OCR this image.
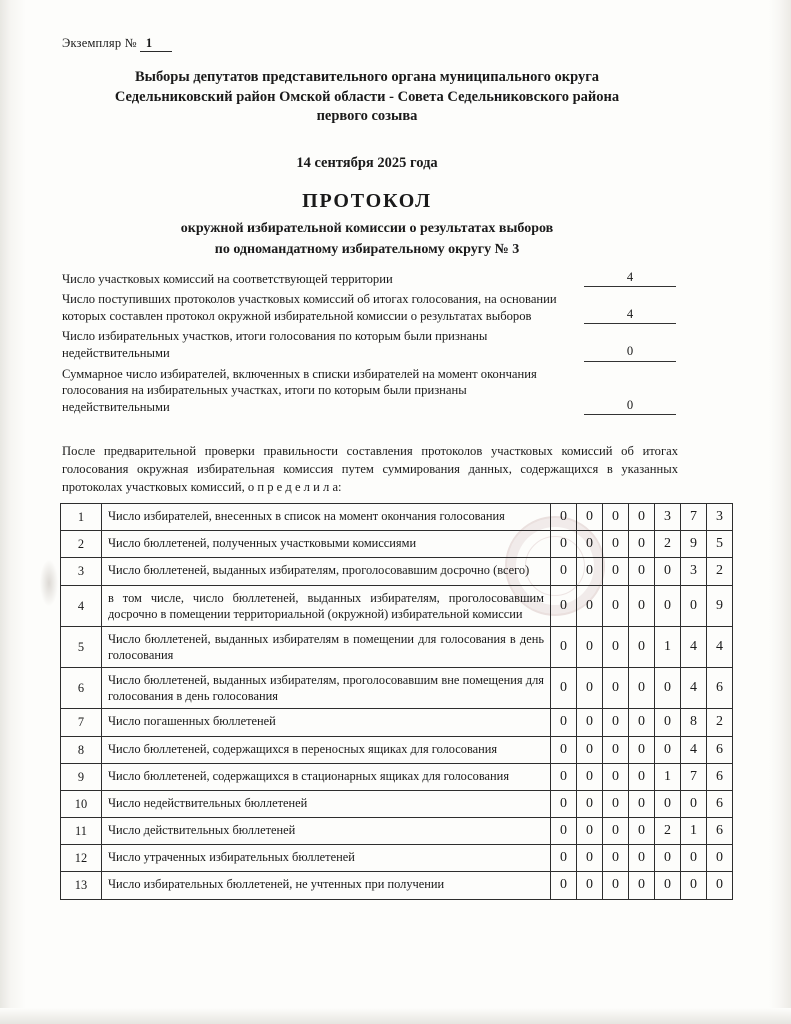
Экземпляр № 1
Выборы депутатов представительного органа муниципального округа
Седельниковский район Омской области - Совета Седельниковского района
первого созыва
14 сентября 2025 года
ПРОТОКОЛ
окружной избирательной комиссии о результатах выборов
по одномандатному избирательному округу № 3
Число участковых комиссий на соответствующей территории	4
Число поступивших протоколов участковых комиссий об итогах голосования, на основании которых составлен протокол окружной избирательной комиссии о результатах выборов	4
Число избирательных участков, итоги голосования по которым были признаны недействительными	0
Суммарное число избирателей, включенных в списки избирателей на момент окончания голосования на избирательных участках, итоги по которым были признаны недействительными	0
После предварительной проверки правильности составления протоколов участковых комиссий об итогах голосования окружная избирательная комиссия путем суммирования данных, содержащихся в указанных протоколах участковых комиссий, о п р е д е л и л а:
1	Число избирателей, внесенных в список на момент окончания голосования	0	0	0	0	3	7	3
2	Число бюллетеней, полученных участковыми комиссиями	0	0	0	0	2	9	5
3	Число бюллетеней, выданных избирателям, проголосовавшим досрочно (всего)	0	0	0	0	0	3	2
4	в том числе, число бюллетеней, выданных избирателям, проголосовавшим досрочно в помещении территориальной (окружной) избирательной комиссии	0	0	0	0	0	0	9
5	Число бюллетеней, выданных избирателям в помещении для голосования в день голосования	0	0	0	0	1	4	4
6	Число бюллетеней, выданных избирателям, проголосовавшим вне помещения для голосования в день голосования	0	0	0	0	0	4	6
7	Число погашенных бюллетеней	0	0	0	0	0	8	2
8	Число бюллетеней, содержащихся в переносных ящиках для голосования	0	0	0	0	0	4	6
9	Число бюллетеней, содержащихся в стационарных ящиках для голосования	0	0	0	0	1	7	6
10	Число недействительных бюллетеней	0	0	0	0	0	0	6
11	Число действительных бюллетеней	0	0	0	0	2	1	6
12	Число утраченных избирательных бюллетеней	0	0	0	0	0	0	0
13	Число избирательных бюллетеней, не учтенных при получении	0	0	0	0	0	0	0
